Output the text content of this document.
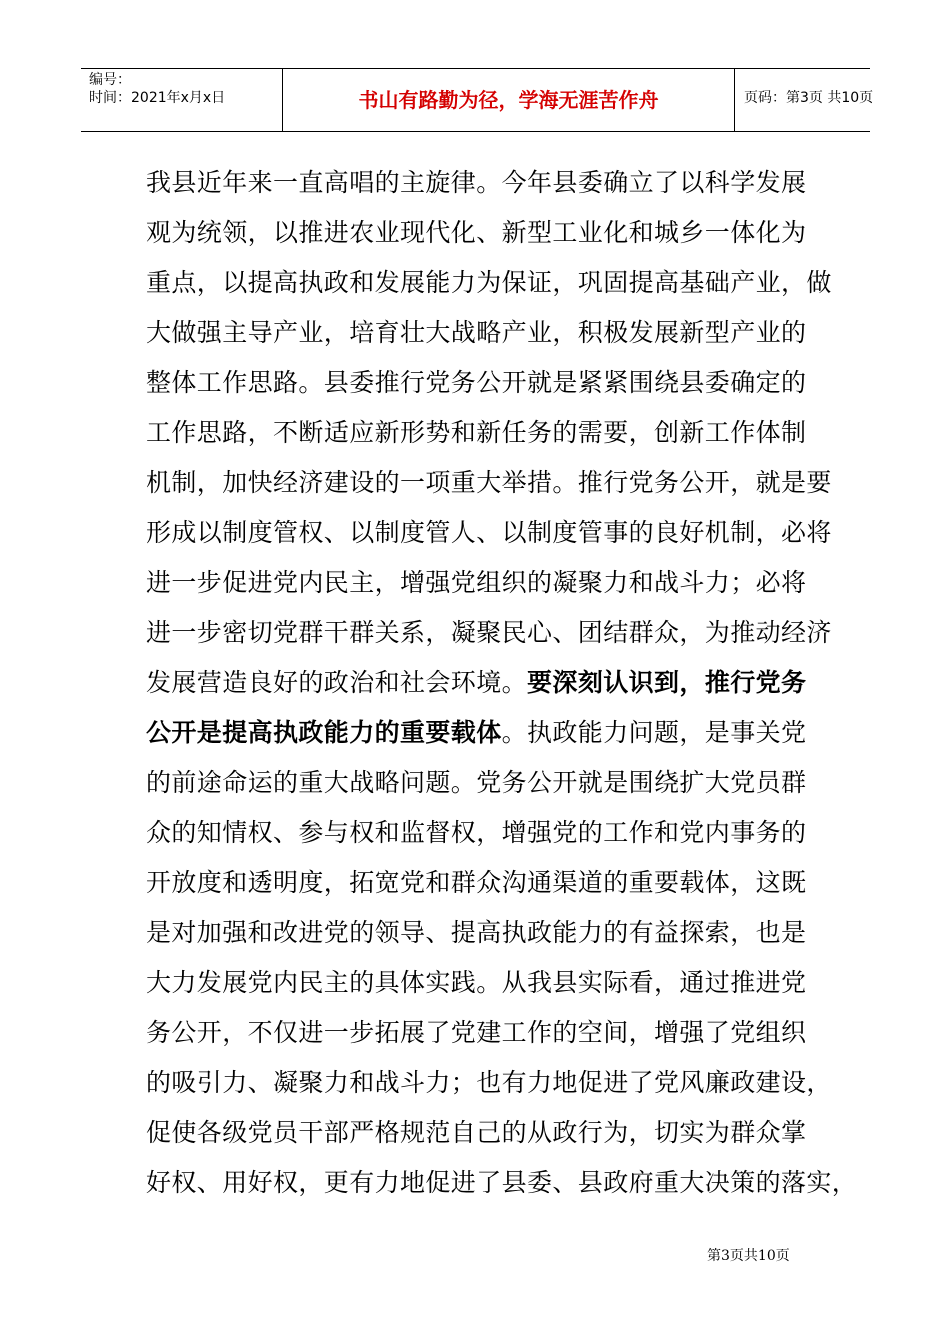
编号：
时间：2021年x月x日	书山有路勤为径，学海无涯苦作舟	页码：第3页 共10页
我县近年来一直高唱的主旋律。今年县委确立了以科学发展
观为统领，以推进农业现代化、新型工业化和城乡一体化为
重点，以提高执政和发展能力为保证，巩固提高基础产业，做
大做强主导产业，培育壮大战略产业，积极发展新型产业的
整体工作思路。县委推行党务公开就是紧紧围绕县委确定的
工作思路，不断适应新形势和新任务的需要，创新工作体制
机制，加快经济建设的一项重大举措。推行党务公开，就是要
形成以制度管权、以制度管人、以制度管事的良好机制，必将
进一步促进党内民主，增强党组织的凝聚力和战斗力；必将
进一步密切党群干群关系，凝聚民心、团结群众，为推动经济
发展营造良好的政治和社会环境。要深刻认识到，推行党务
公开是提高执政能力的重要载体。执政能力问题，是事关党
的前途命运的重大战略问题。党务公开就是围绕扩大党员群
众的知情权、参与权和监督权，增强党的工作和党内事务的
开放度和透明度，拓宽党和群众沟通渠道的重要载体，这既
是对加强和改进党的领导、提高执政能力的有益探索，也是
大力发展党内民主的具体实践。从我县实际看，通过推进党
务公开，不仅进一步拓展了党建工作的空间，增强了党组织
的吸引力、凝聚力和战斗力；也有力地促进了党风廉政建设，
促使各级党员干部严格规范自己的从政行为，切实为群众掌
好权、用好权，更有力地促进了县委、县政府重大决策的落实，
第3页共10页
